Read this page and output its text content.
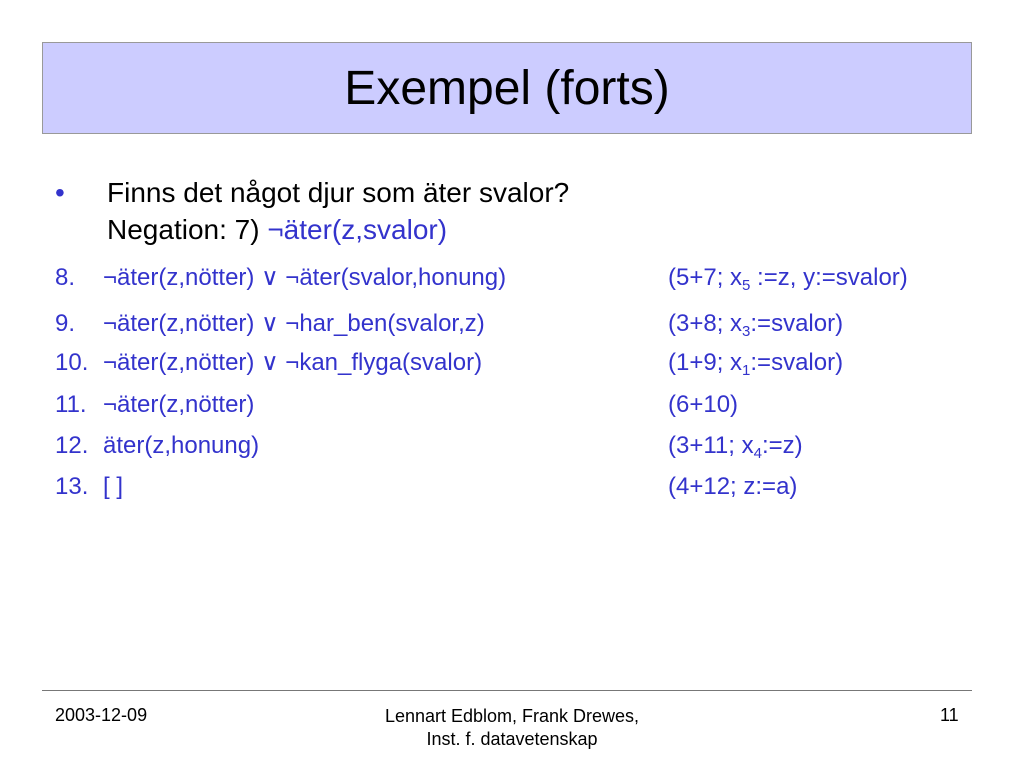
Exempel (forts)
• Finns det något djur som äter svalor?
Negation: 7) ¬äter(z,svalor)
8. ¬äter(z,nötter) ∨ ¬äter(svalor,honung)	(5+7; $x_5$ :=z, y:=svalor)
9. ¬äter(z,nötter) ∨ ¬har_ben(svalor,z)	(3+8; $x_3:=svalor$)
10. ¬äter(z,nötter) ∨ ¬kan_flyga(svalor)	(1+9; $x_1:=svalor$)
11. ¬äter(z,nötter)	(6+10)
12. äter(z,honung)	(3+11; $x_4:=z$)
13. [ ]	(4+12; z:=a)
2003-12-09	Lennart Edblom, Frank Drewes,
Inst. f. datavetenskap
11
